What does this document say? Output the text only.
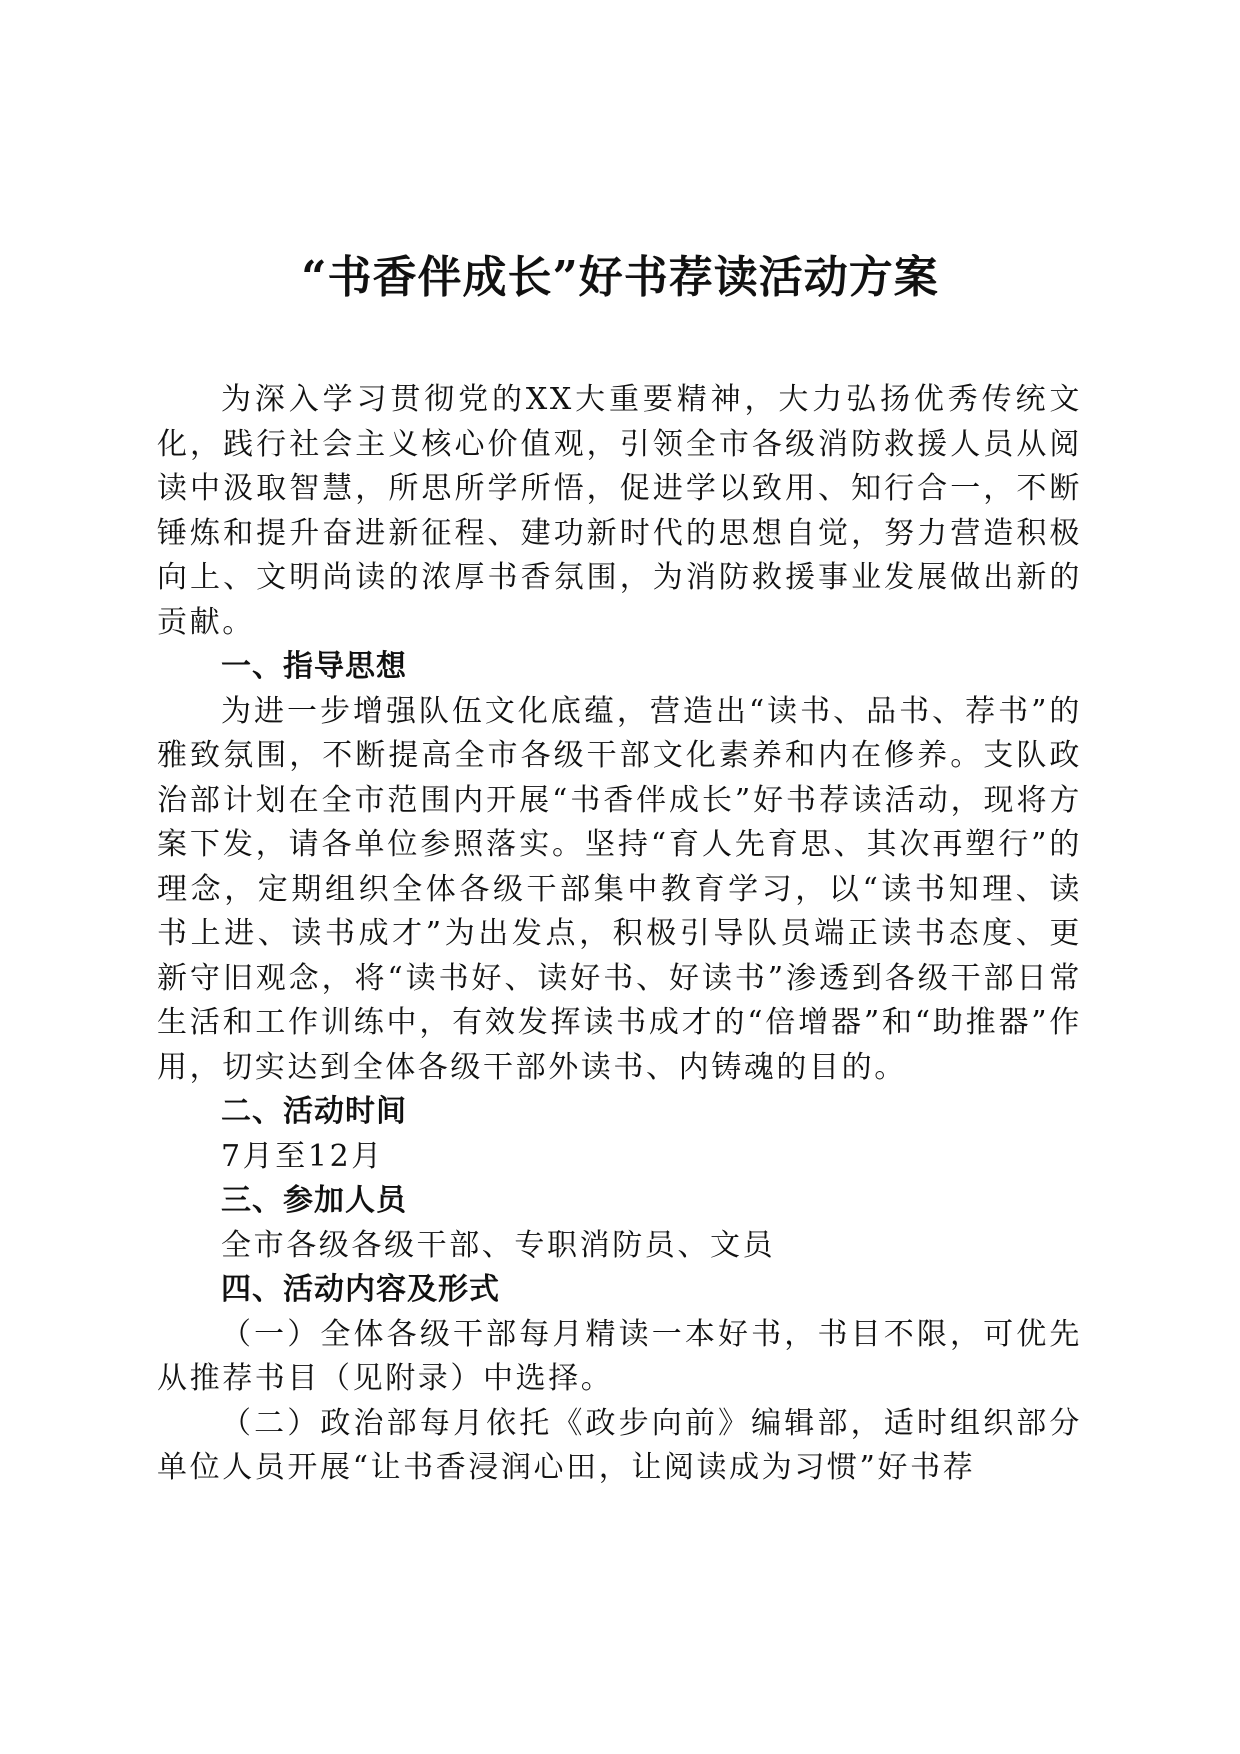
“书香伴成长”好书荐读活动方案

为深入学习贯彻党的XX大重要精神，大力弘扬优秀传统文化，践行社会主义核心价值观，引领全市各级消防救援人员从阅读中汲取智慧，所思所学所悟，促进学以致用、知行合一，不断锤炼和提升奋进新征程、建功新时代的思想自觉，努力营造积极向上、文明尚读的浓厚书香氛围，为消防救援事业发展做出新的贡献。

一、指导思想

为进一步增强队伍文化底蕴，营造出“读书、品书、荐书”的雅致氛围，不断提高全市各级干部文化素养和内在修养。支队政治部计划在全市范围内开展“书香伴成长”好书荐读活动，现将方案下发，请各单位参照落实。坚持“育人先育思、其次再塑行”的理念，定期组织全体各级干部集中教育学习，以“读书知理、读书上进、读书成才”为出发点，积极引导队员端正读书态度、更新守旧观念，将“读书好、读好书、好读书”渗透到各级干部日常生活和工作训练中，有效发挥读书成才的“倍增器”和“助推器”作用，切实达到全体各级干部外读书、内铸魂的目的。

二、活动时间

7月至12月

三、参加人员

全市各级各级干部、专职消防员、文员

四、活动内容及形式

（一）全体各级干部每月精读一本好书，书目不限，可优先从推荐书目（见附录）中选择。

（二）政治部每月依托《政步向前》编辑部，适时组织部分单位人员开展“让书香浸润心田，让阅读成为习惯”好书荐
